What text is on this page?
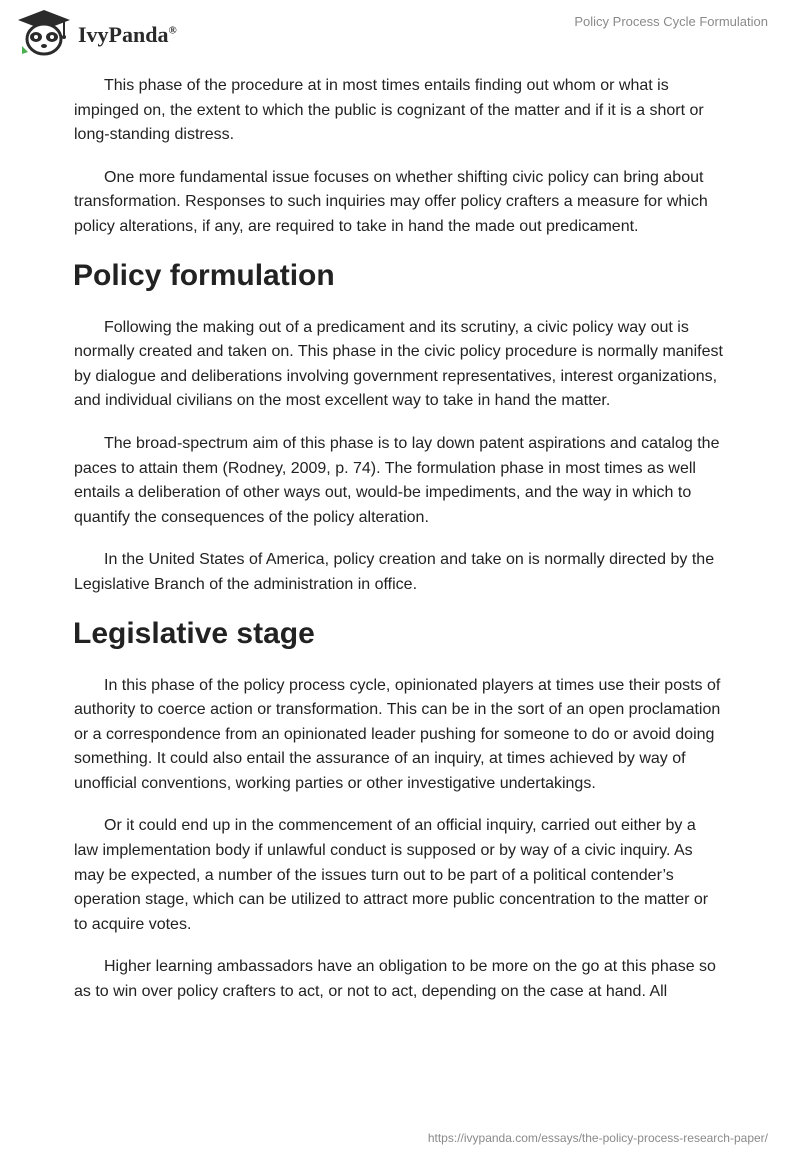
IvyPanda®
Policy Process Cycle Formulation

This phase of the procedure at in most times entails finding out whom or what is impinged on, the extent to which the public is cognizant of the matter and if it is a short or long-standing distress.

One more fundamental issue focuses on whether shifting civic policy can bring about transformation. Responses to such inquiries may offer policy crafters a measure for which policy alterations, if any, are required to take in hand the made out predicament.

Policy formulation

Following the making out of a predicament and its scrutiny, a civic policy way out is normally created and taken on. This phase in the civic policy procedure is normally manifest by dialogue and deliberations involving government representatives, interest organizations, and individual civilians on the most excellent way to take in hand the matter.

The broad-spectrum aim of this phase is to lay down patent aspirations and catalog the paces to attain them (Rodney, 2009, p. 74). The formulation phase in most times as well entails a deliberation of other ways out, would-be impediments, and the way in which to quantify the consequences of the policy alteration.

In the United States of America, policy creation and take on is normally directed by the Legislative Branch of the administration in office.

Legislative stage

In this phase of the policy process cycle, opinionated players at times use their posts of authority to coerce action or transformation. This can be in the sort of an open proclamation or a correspondence from an opinionated leader pushing for someone to do or avoid doing something. It could also entail the assurance of an inquiry, at times achieved by way of unofficial conventions, working parties or other investigative undertakings.

Or it could end up in the commencement of an official inquiry, carried out either by a law implementation body if unlawful conduct is supposed or by way of a civic inquiry. As may be expected, a number of the issues turn out to be part of a political contender’s operation stage, which can be utilized to attract more public concentration to the matter or to acquire votes.

Higher learning ambassadors have an obligation to be more on the go at this phase so as to win over policy crafters to act, or not to act, depending on the case at hand. All

https://ivypanda.com/essays/the-policy-process-research-paper/
